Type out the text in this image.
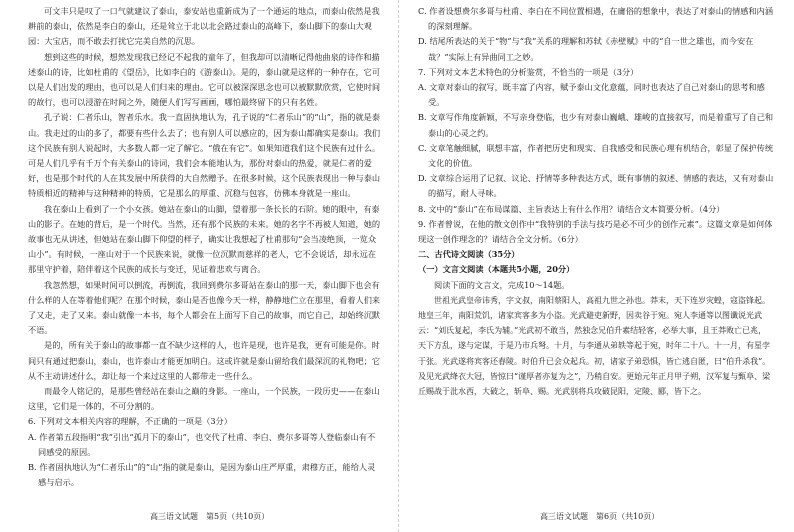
可文丰只是叹了一口气就建议了泰山，泰安站也重新成为了一个通运的地点，而泰山依然是我耕前的泰山，依然是李白的泰山，还是耸立于北以北会路过泰山的高峰下，泰山脚下的泰山大观园：大宝店，而不敢去打扰它完美自然的沉思。
想到这些的时候，想然发现我已经记不起我的童年了，但我却可以清晰记得他曲泉的诗作和描述泰山的诗，比如杜甫的《望岳》，比如李白的《游泰山》。是的，泰山就是这样的一种存在，它可以是人们出发的理由，也可以是人们归来的理由。它可以被深深思念也可以被默默欣赏，它使时间的故行，也可以浸游在时间之外，随便人们写写画画，哪怕最终留下的只有名姓。
孔子说：仁者乐山，智者乐水。我一直固执地认为，孔子说的“仁者乐山”的“山”，指的就是泰山。我走过的山的多了，都要有些什么去了；也有别人可以感应的，因为泰山都确实是泰山。我们这个民族有别人说起时，大多数人都一定了解它。“俄在有它”。如果知道我们这个民族有过什么。可是人们几乎有千万个有关泰山的诗词，我们会本能地认为，那份对泰山的热爱，就是仁者的爱好，也是那个时代的人在其发展中所获得的大自然赠予。在很多时候，这个民族表现出一种与泰山特质相近的精神与这种精神的特质，它是那么的厚重、沉稳与包容，仿佛本身就是一座山。
我在泰山上看到了一个小女孩。她站在泰山的山脚，望着那一条长长的石阶。她的眼中，有泰山的影子。在她的背后，是一个时代。当然，还有那个民族的未来。她的名字不再被人知道，她的故事也无从讲述，但她站在泰山脚下仰望的样子，确实让我想起了杜甫那句“会当凌绝顶，一览众山小”。有时候，一座山对于一个民族来说，就像一位沉默而慈祥的老人，它不会说话，却永远在那里守护着，陪伴着这个民族的成长与变迁，见证着悲欢与离合。
我忽然想，如果时间可以倒流，再倒流，我回到费尔多哥站在泰山的那一天，泰山脚下也会有什么样的人在等着他们呢？在那个时候，泰山是否也像今天一样，静静地伫立在那里，看着人们来了又走，走了又来。泰山就像一本书，每个人都会在上面写下自己的故事，而它自己，却始终沉默不语。
是的，所有关于泰山的故事都一直不缺少这样的人，也许是现，也许是我，更有可能是你。时间只有通过把泰山，泰山，也许泰山才能更加明白。这或许就是泰山留给我们最深沉的礼物吧；它从不主动讲述什么，却让每一个来过这里的人都带走一些什么。
而最令人铭记的，是那些曾经站在泰山之巅的身影。一座山，一个民族，一段历史——在泰山这里，它们是一体的，不可分割的。
6. 下列对文本相关内容的理解，不正确的一项是（3分）
A. 作者第五段指明“我”引出“孤月下的泰山”，也交代了杜甫、李白、费尔多哥等人登临泰山有不同感受的原因。
B. 作者固执地认为“仁者乐山”的“山”指的就是泰山，是因为泰山庄严厚重，肃穆方正，能给人灵感与启示。
C. 作者设想费尔多哥与杜甫、李白在不同位置相遇，在庸俗的想象中，表达了对泰山的情感和内涵的深刻理解。
D. 结尾所表达的关于“物”与“我”关系的理解和苏轼《赤壁赋》中的“自一世之雄也，而今安在哉？”实际上有异曲同工之妙。
7. 下列对文本艺术特色的分析鉴赏，不恰当的一项是（3分）
A. 文章对泰山的叙写，既丰富了内容，赋予泰山文化意蕴，同时也表达了自己对泰山的思考和感受。
B. 文章写作角度新颖，不写亲身登临，也少有对泰山巍峨、雄峻的直接叙写，而是着重写了自己和泰山的心灵之约。
C. 文章笔触细腻，联想丰富，作者把历史和现实、自我感受和民族心理有机结合，彰显了保护传统文化的价值。
D. 文章综合运用了记叙、议论、抒情等多种表达方式，既有事情的叙述、情感的表达，又有对泰山的描写，耐人寻味。
8. 文中的“泰山”在布局谋篇、主旨表达上有什么作用？请结合文本简要分析。（4分）
9. 作者曾说，在他的散文创作中“我特别的手法与技巧是必不可少的创作元素”。这篇文章是如何体现这一创作理念的？请结合全文分析。（6分）
二、古代诗文阅读（35分）
（一）文言文阅读（本题共5小题，20分）
阅读下面的文言文，完成10～14题。
世祖光武皇帝讳秀，字文叔，南阳蔡阳人，高祖九世之孙也。莽末，天下连岁灾蝗，寇盗锋起。地皇三年，南阳荒饥，诸家宾客多为小盗。光武避吏新野，因卖谷于宛。宛人李通等以图谶说光武云：“刘氏复起，李氏为辅。”光武初不敢当，然独念兄伯升素结轻客，必举大事，且王莽败亡已兆，天下方乱，遂与定谋，于是乃市兵弩。十月，与李通从弟轶等起于宛，时年二十八。十一月，有星孛于张。光武遂将宾客还舂陵。时伯升已会众起兵。初，诸家子弟恐惧，皆亡逃自匿，曰“伯升杀我”。及见光武绛衣大冠，皆惊曰“谨厚者亦复为之”，乃稍自安。更始元年正月甲子朔，汉军复与甄阜、梁丘赐战于沘水西，大破之，斩阜、赐。光武别将兵攻破昆阳，定陵、郾，皆下之。
高三语文试题　第5页（共10页）	高三语文试题　第6页（共10页）
